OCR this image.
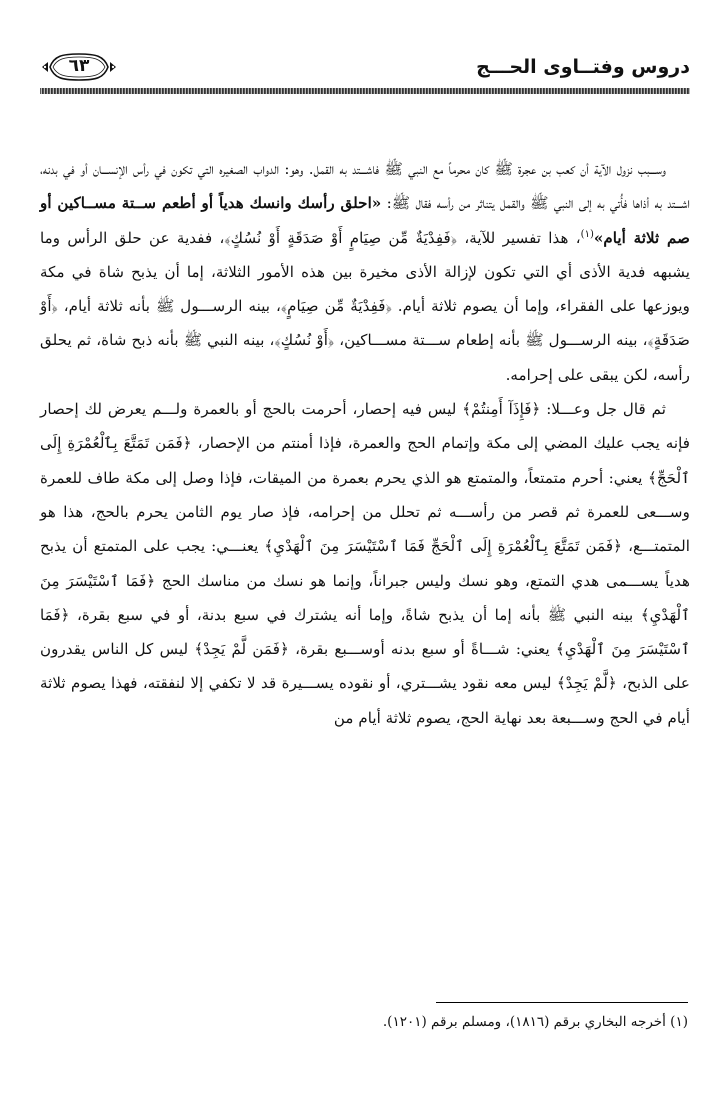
٦٣	دروس وفتــاوى الحـــج

وســـبب نزول الآية أن كعب بن عجرة ﷺ كان محرماً مع النبي ﷺ فاشـــتد به القمل. وهو: الدواب الصغيره التي تكون في رأس الإنســـان أو في بدنه، اشـــتد به أذاها فأُتي به إلى النبي ﷺ والقمل يتناثر من رأسه فقال ﷺ: «احلق رأسك وانسك هدياً أو أطعم ســتة مســاكين أو صم ثلاثة أيام»$^{(١)}$، هذا تفسير للآية، ﴿فَفِدْيَةٌ مِّن صِيَامٍ أَوْ صَدَقَةٍ أَوْ نُسُكٍ﴾، ففدية عن حلق الرأس وما يشبهه فدية الأذى أي التي تكون لإزالة الأذى مخيرة بين هذه الأمور الثلاثة، إما أن يذبح شاة في مكة ويوزعها على الفقراء، وإما أن يصوم ثلاثة أيام. ﴿فَفِدْيَةٌ مِّن صِيَامٍ﴾، بينه الرســـول ﷺ بأنه ثلاثة أيام، ﴿أَوْ صَدَقَةٍ﴾، بينه الرســـول ﷺ بأنه إطعام ســـتة مســـاكين، ﴿أَوْ نُسُكٍ﴾، بينه النبي ﷺ بأنه ذبح شاة، ثم يحلق رأسه، لكن يبقى على إحرامه.

ثم قال جل وعـــلا: ﴿فَإِذَآ أَمِنتُمْ﴾ ليس فيه إحصار، أحرمت بالحج أو بالعمرة ولـــم يعرض لك إحصار فإنه يجب عليك المضي إلى مكة وإتمام الحج والعمرة، فإذا أمنتم من الإحصار، ﴿فَمَن تَمَتَّعَ بِٱلْعُمْرَةِ إِلَى ٱلْحَجِّ﴾ يعني: أحرم متمتعاً، والمتمتع هو الذي يحرم بعمرة من الميقات، فإذا وصل إلى مكة طاف للعمرة وســـعى للعمرة ثم قصر من رأســـه ثم تحلل من إحرامه، فإذ صار يوم الثامن يحرم بالحج، هذا هو المتمتـــع، ﴿فَمَن تَمَتَّعَ بِٱلْعُمْرَةِ إِلَى ٱلْحَجِّ فَمَا ٱسْتَيْسَرَ مِنَ ٱلْهَدْيِ﴾ يعنـــي: يجب على المتمتع أن يذبح هدياً يســـمى هدي التمتع، وهو نسك وليس جبراناً، وإنما هو نسك من مناسك الحج ﴿فَمَا ٱسْتَيْسَرَ مِنَ ٱلْهَدْيِ﴾ بينه النبي ﷺ بأنه إما أن يذبح شاةً، وإما أنه يشترك في سبع بدنة، أو في سبع بقرة، ﴿فَمَا ٱسْتَيْسَرَ مِنَ ٱلْهَدْيِ﴾ يعني: شـــاةً أو سبع بدنه أوســـبع بقرة، ﴿فَمَن لَّمْ يَجِدْ﴾ ليس كل الناس يقدرون على الذبح، ﴿لَّمْ يَجِدْ﴾ ليس معه نقود يشـــتري، أو نقوده يســـيرة قد لا تكفي إلا لنفقته، فهذا يصوم ثلاثة أيام في الحج وســـبعة بعد نهاية الحج، يصوم ثلاثة أيام من

(١) أخرجه البخاري برقم (١٨١٦)، ومسلم برقم (١٢٠١).
